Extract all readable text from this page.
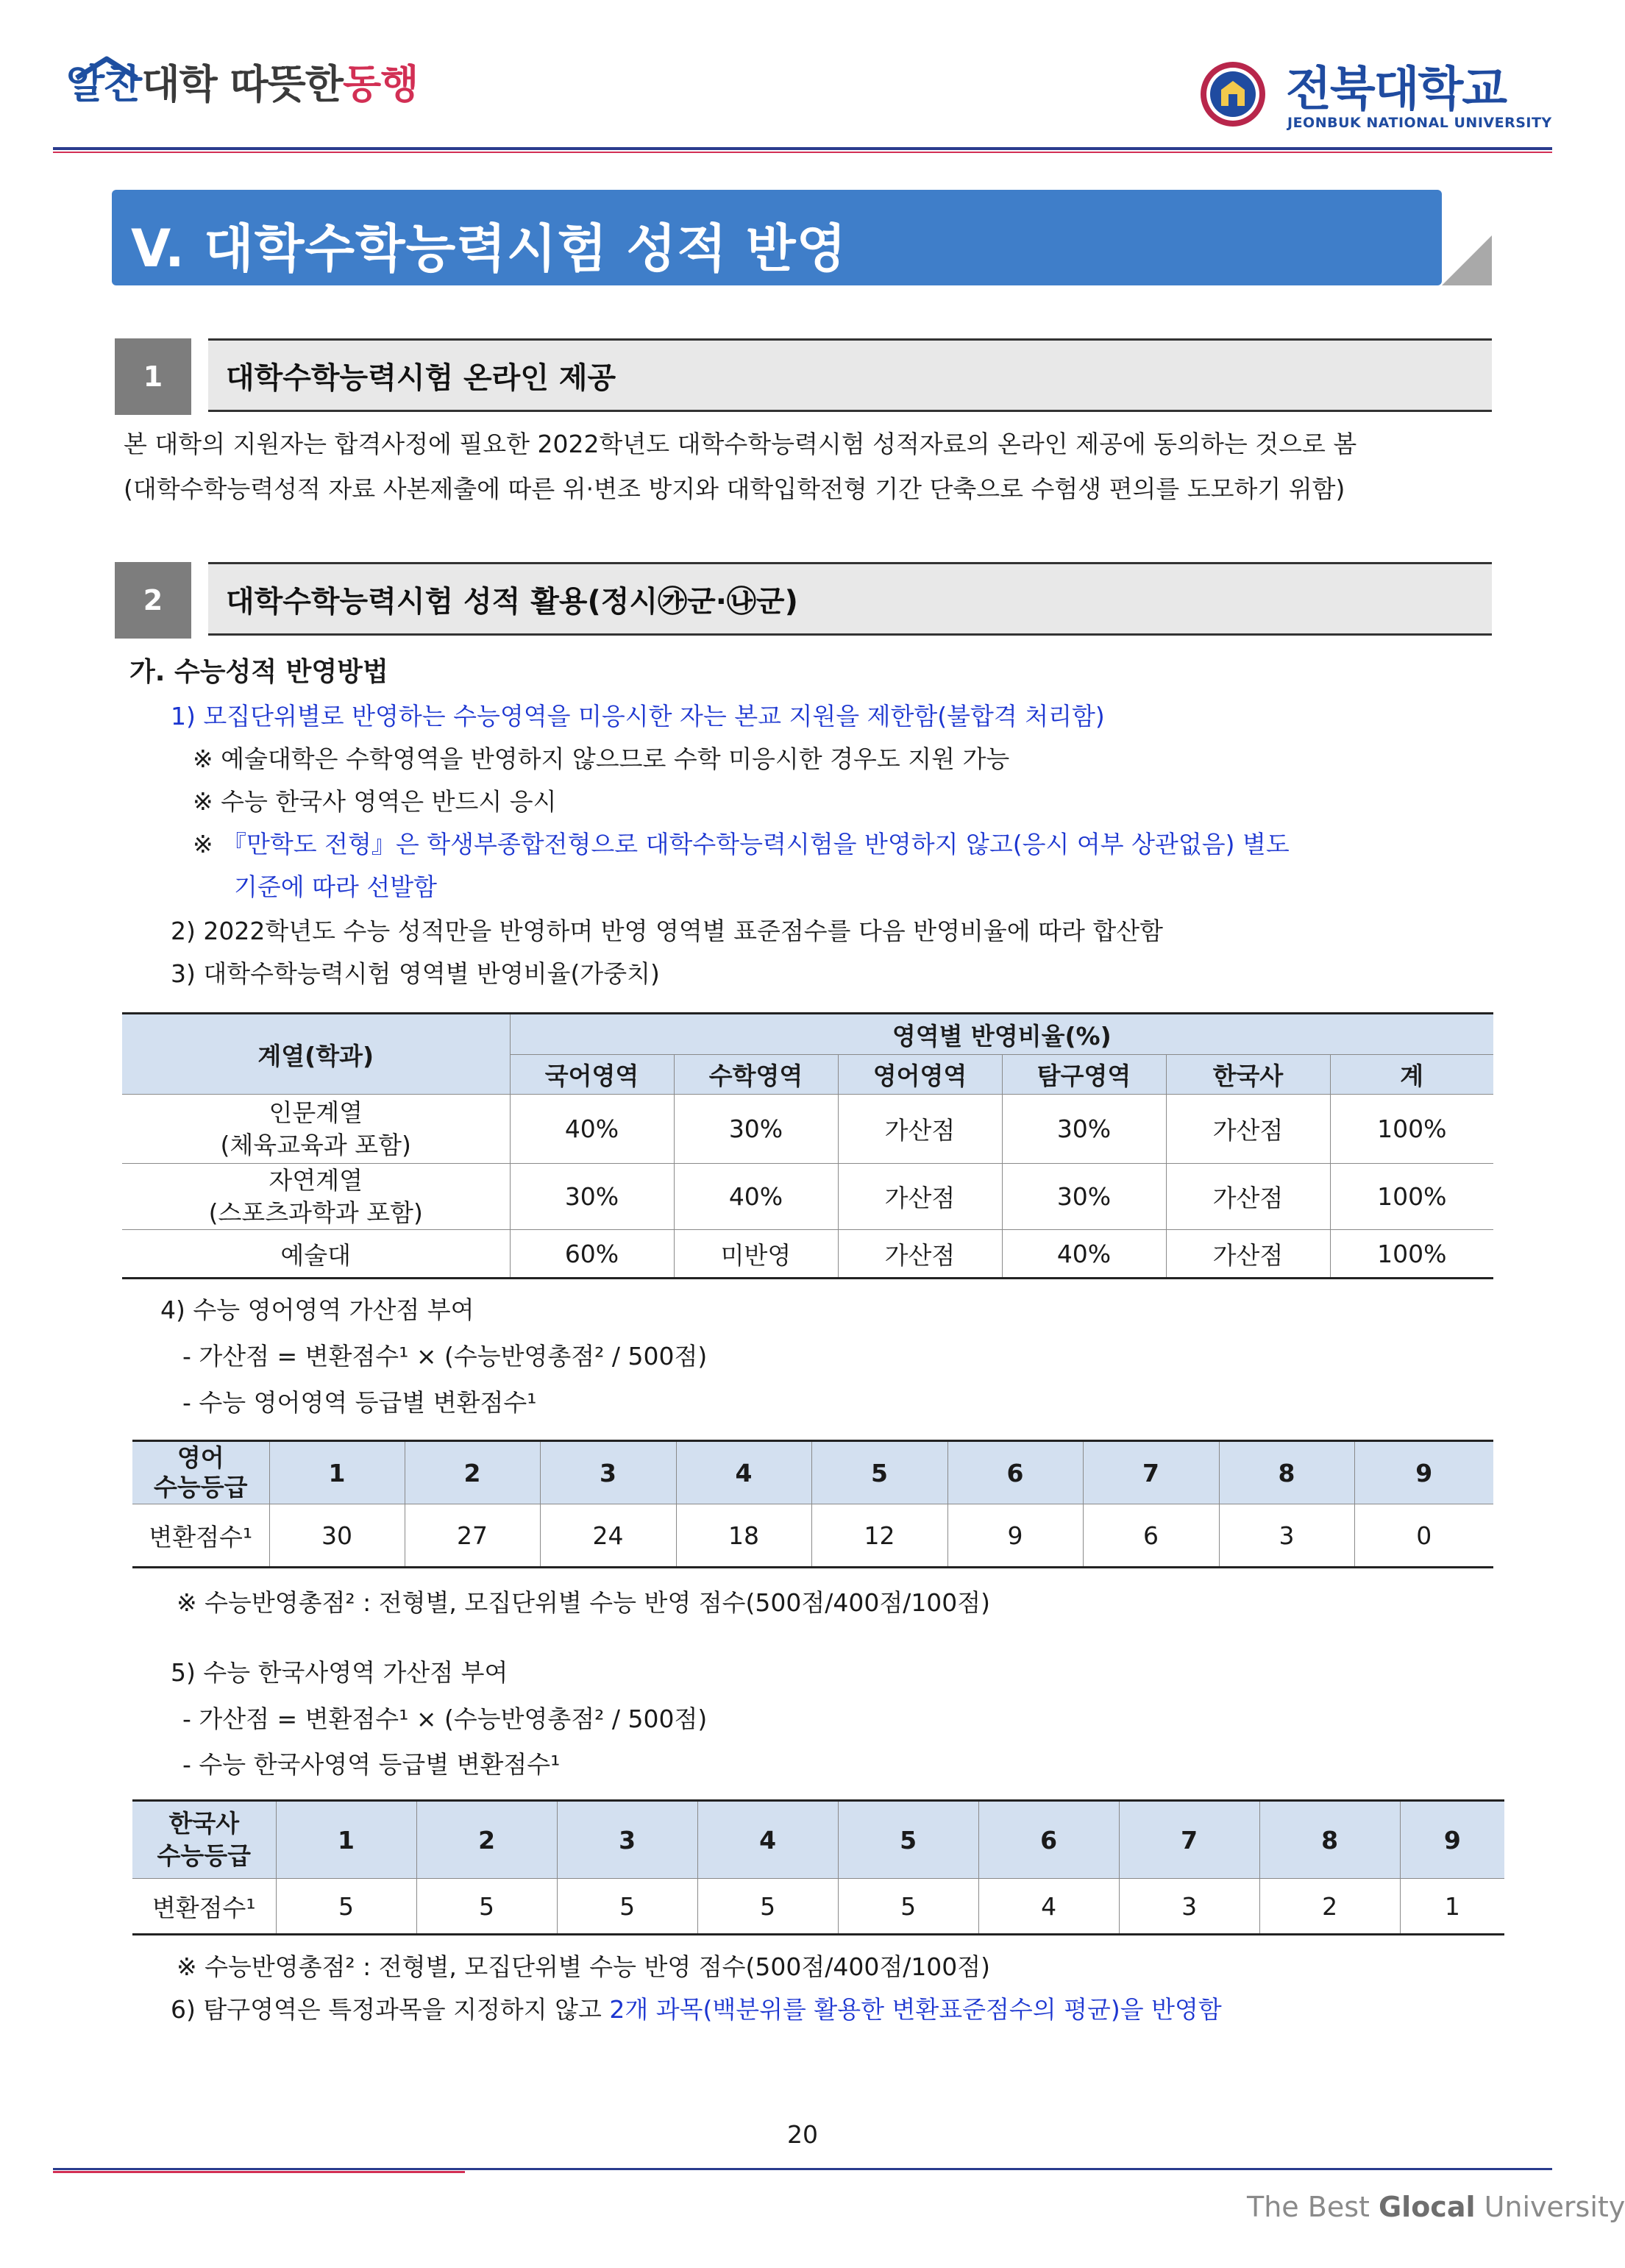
알찬대학 따뜻한동행	전북대학교
JEONBUK NATIONAL UNIVERSITY
V. 대학수학능력시험 성적 반영
1	대학수학능력시험 온라인 제공
본 대학의 지원자는 합격사정에 필요한 2022학년도 대학수학능력시험 성적자료의 온라인 제공에 동의하는 것으로 봄
(대학수학능력성적 자료 사본제출에 따른 위·변조 방지와 대학입학전형 기간 단축으로 수험생 편의를 도모하기 위함)
2	대학수학능력시험 성적 활용(정시㉮군·㉯군)
가. 수능성적 반영방법
1) 모집단위별로 반영하는 수능영역을 미응시한 자는 본교 지원을 제한함(불합격 처리함)
※ 예술대학은 수학영역을 반영하지 않으므로 수학 미응시한 경우도 지원 가능
※ 수능 한국사 영역은 반드시 응시
※ 『만학도 전형』은 학생부종합전형으로 대학수학능력시험을 반영하지 않고(응시 여부 상관없음) 별도
기준에 따라 선발함
2) 2022학년도 수능 성적만을 반영하며 반영 영역별 표준점수를 다음 반영비율에 따라 합산함
3) 대학수학능력시험 영역별 반영비율(가중치)
계열(학과)	영역별 반영비율(%)					
	국어영역	수학영역	영어영역	탐구영역	한국사	계
인문계열
(체육교육과 포함)	40%	30%	가산점	30%	가산점	100%
자연계열
(스포츠과학과 포함)	30%	40%	가산점	30%	가산점	100%
예술대	60%	미반영	가산점	40%	가산점	100%
4) 수능 영어영역 가산점 부여
- 가산점 = 변환점수¹ × (수능반영총점² / 500점)
- 수능 영어영역 등급별 변환점수¹
영어
수능등급	1	2	3	4	5	6	7	8	9
변환점수¹	30	27	24	18	12	9	6	3	0
※ 수능반영총점² : 전형별, 모집단위별 수능 반영 점수(500점/400점/100점)
5) 수능 한국사영역 가산점 부여
- 가산점 = 변환점수¹ × (수능반영총점² / 500점)
- 수능 한국사영역 등급별 변환점수¹
한국사
수능등급	1	2	3	4	5	6	7	8	9
변환점수¹	5	5	5	5	5	4	3	2	1
※ 수능반영총점² : 전형별, 모집단위별 수능 반영 점수(500점/400점/100점)
6) 탐구영역은 특정과목을 지정하지 않고 2개 과목(백분위를 활용한 변환표준점수의 평균)을 반영함
20
The Best Glocal University
